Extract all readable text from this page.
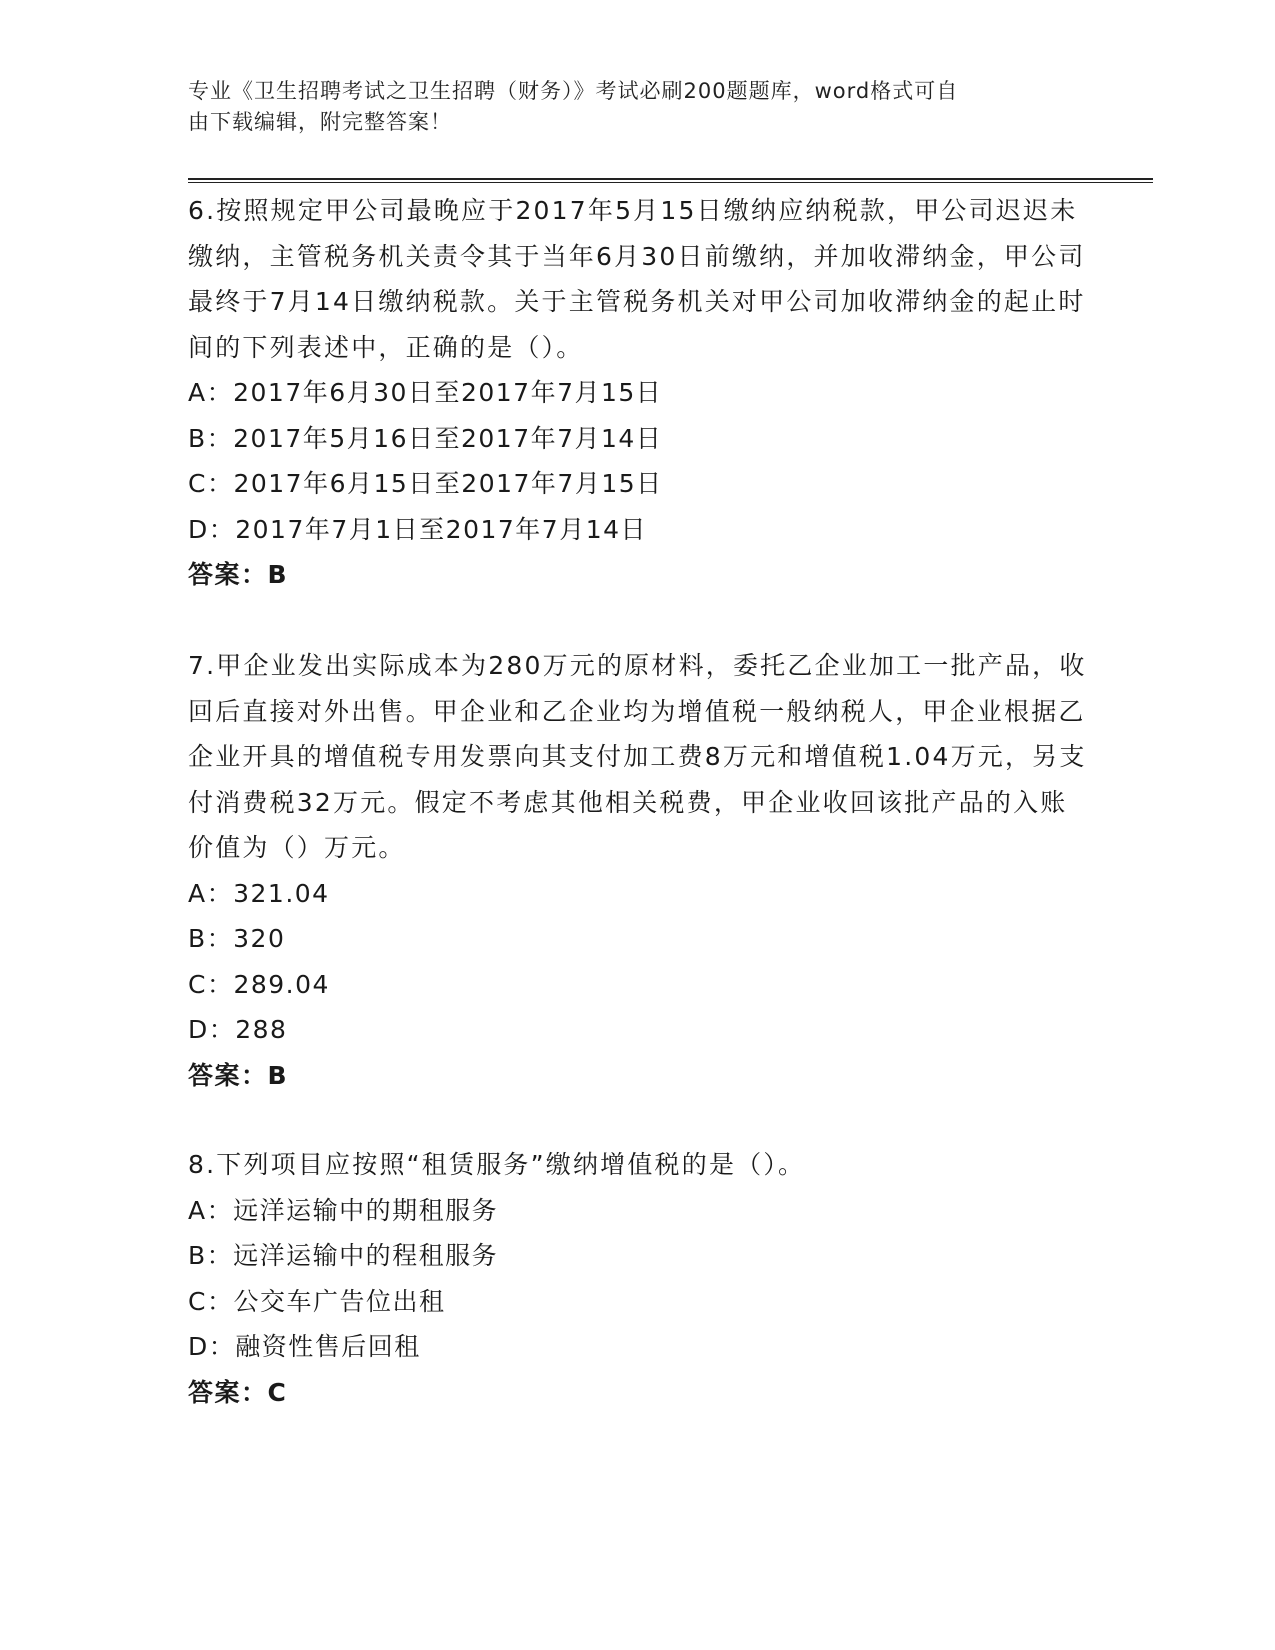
专业《卫生招聘考试之卫生招聘（财务）》考试必刷200题题库，word格式可自
由下载编辑，附完整答案！

6.按照规定甲公司最晚应于2017年5月15日缴纳应纳税款，甲公司迟迟未缴纳，主管税务机关责令其于当年6月30日前缴纳，并加收滞纳金，甲公司最终于7月14日缴纳税款。关于主管税务机关对甲公司加收滞纳金的起止时间的下列表述中，正确的是（）。

A：2017年6月30日至2017年7月15日

B：2017年5月16日至2017年7月14日

C：2017年6月15日至2017年7月15日

D：2017年7月1日至2017年7月14日

答案：B

7.甲企业发出实际成本为280万元的原材料，委托乙企业加工一批产品，收回后直接对外出售。甲企业和乙企业均为增值税一般纳税人，甲企业根据乙企业开具的增值税专用发票向其支付加工费8万元和增值税1.04万元，另支付消费税32万元。假定不考虑其他相关税费，甲企业收回该批产品的入账价值为（）万元。

A：321.04

B：320

C：289.04

D：288

答案：B

8.下列项目应按照“租赁服务”缴纳增值税的是（）。

A：远洋运输中的期租服务

B：远洋运输中的程租服务

C：公交车广告位出租

D：融资性售后回租

答案：C
